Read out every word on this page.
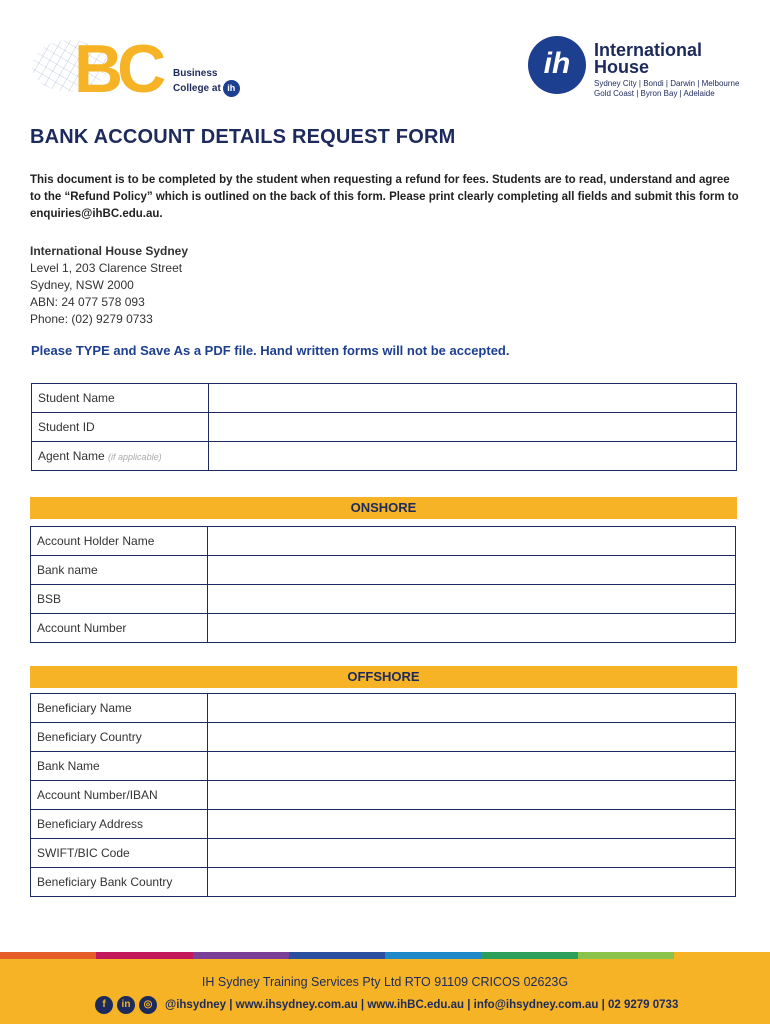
BC	Business
College at ih
ih	International
House
Sydney City | Bondi | Darwin | Melbourne
Gold Coast | Byron Bay | Adelaide
BANK ACCOUNT DETAILS REQUEST FORM

This document is to be completed by the student when requesting a refund for fees. Students are to read, understand and agree to the “Refund Policy” which is outlined on the back of this form. Please print clearly completing all fields and submit this form to enquiries@ihBC.edu.au.

International House Sydney
Level 1, 203 Clarence Street
Sydney, NSW 2000
ABN: 24 077 578 093
Phone: (02) 9279 0733
Please TYPE and Save As a PDF file. Hand written forms will not be accepted.
Student Name	
Student ID	
Agent Name (if applicable)	
ONSHORE
Account Holder Name	
Bank name	
BSB	
Account Number	
OFFSHORE
Beneficiary Name	
Beneficiary Country	
Bank Name	
Account Number/IBAN	
Beneficiary Address	
SWIFT/BIC Code	
Beneficiary Bank Country	
IH Sydney Training Services Pty Ltd RTO 91109 CRICOS 02623G
f	in	◎	@ihsydney | www.ihsydney.com.au | www.ihBC.edu.au | info@ihsydney.com.au | 02 9279 0733
